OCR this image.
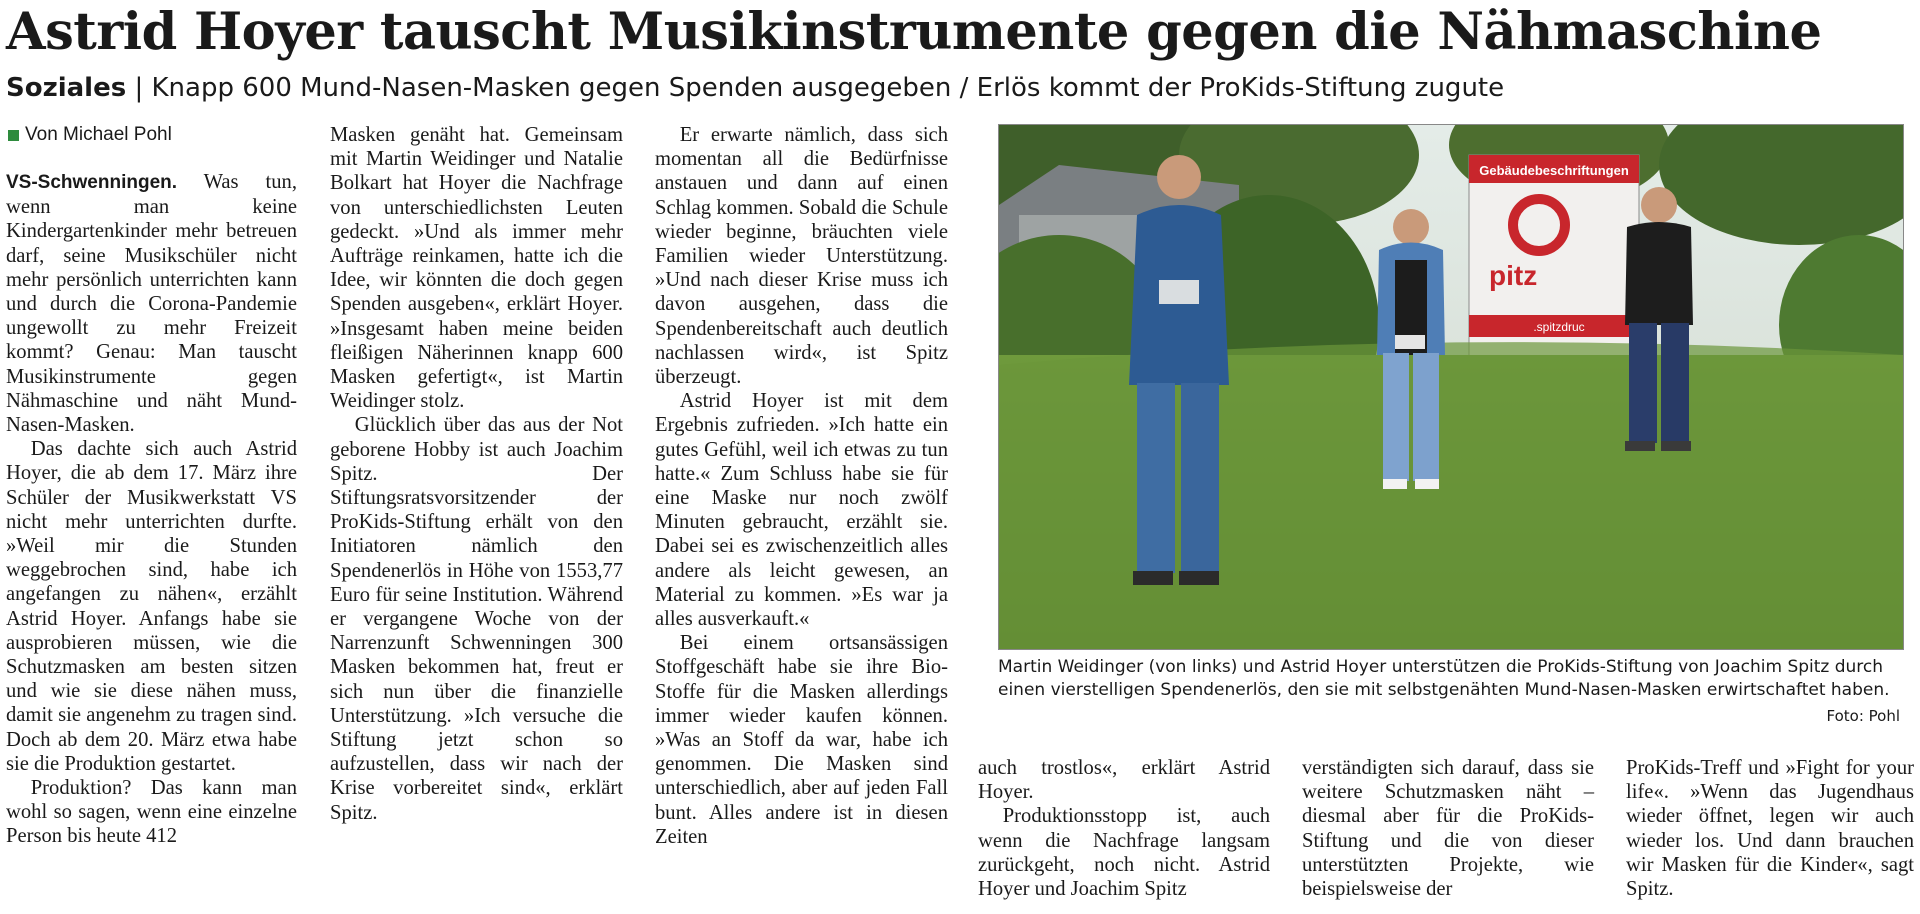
Astrid Hoyer tauscht Musikinstrumente gegen die Nähmaschine
Soziales | Knapp 600 Mund-Nasen-Masken gegen Spenden ausgegeben / Erlös kommt der ProKids-Stiftung zugute
Von Michael Pohl

VS-Schwenningen. Was tun, wenn man keine Kindergartenkinder mehr betreuen darf, seine Musikschüler nicht mehr persönlich unterrichten kann und durch die Corona-Pandemie ungewollt zu mehr Freizeit kommt? Genau: Man tauscht Musikinstrumente gegen Nähmaschine und näht Mund-Nasen-Masken.

Das dachte sich auch Astrid Hoyer, die ab dem 17. März ihre Schüler der Musikwerkstatt VS nicht mehr unterrichten durfte. »Weil mir die Stunden weggebrochen sind, habe ich angefangen zu nähen«, erzählt Astrid Hoyer. Anfangs habe sie ausprobieren müssen, wie die Schutzmasken am besten sitzen und wie sie diese nähen muss, damit sie angenehm zu tragen sind. Doch ab dem 20. März etwa habe sie die Produktion gestartet.

Produktion? Das kann man wohl so sagen, wenn eine einzelne Person bis heute 412

Masken genäht hat. Gemeinsam mit Martin Weidinger und Natalie Bolkart hat Hoyer die Nachfrage von unterschiedlichsten Leuten gedeckt. »Und als immer mehr Aufträge reinkamen, hatte ich die Idee, wir könnten die doch gegen Spenden ausgeben«, erklärt Hoyer. »Insgesamt haben meine beiden fleißigen Näherinnen knapp 600 Masken gefertigt«, ist Martin Weidinger stolz.

Glücklich über das aus der Not geborene Hobby ist auch Joachim Spitz. Der Stiftungsratsvorsitzender der ProKids-Stiftung erhält von den Initiatoren nämlich den Spendenerlös in Höhe von 1553,77 Euro für seine Institution. Während er vergangene Woche von der Narrenzunft Schwenningen 300 Masken bekommen hat, freut er sich nun über die finanzielle Unterstützung. »Ich versuche die Stiftung jetzt schon so aufzustellen, dass wir nach der Krise vorbereitet sind«, erklärt Spitz.

Er erwarte nämlich, dass sich momentan all die Bedürfnisse anstauen und dann auf einen Schlag kommen. Sobald die Schule wieder beginne, bräuchten viele Familien wieder Unterstützung. »Und nach dieser Krise muss ich davon ausgehen, dass die Spendenbereitschaft auch deutlich nachlassen wird«, ist Spitz überzeugt.

Astrid Hoyer ist mit dem Ergebnis zufrieden. »Ich hatte ein gutes Gefühl, weil ich etwas zu tun hatte.« Zum Schluss habe sie für eine Maske nur noch zwölf Minuten gebraucht, erzählt sie. Dabei sei es zwischenzeitlich alles andere als leicht gewesen, an Material zu kommen. »Es war ja alles ausverkauft.«

Bei einem ortsansässigen Stoffgeschäft habe sie ihre Bio-Stoffe für die Masken allerdings immer wieder kaufen können. »Was an Stoff da war, habe ich genommen. Die Masken sind unterschiedlich, aber auf jeden Fall bunt. Alles andere ist in diesen Zeiten

Gebäudebeschriftungen
pitz
.spitzdruc
Martin Weidinger (von links) und Astrid Hoyer unterstützen die ProKids-Stiftung von Joachim Spitz durch einen vierstelligen Spendenerlös, den sie mit selbstgenähten Mund-Nasen-Masken erwirtschaftet haben.
Foto: Pohl

auch trostlos«, erklärt Astrid Hoyer.

Produktionsstopp ist, auch wenn die Nachfrage langsam zurückgeht, noch nicht. Astrid Hoyer und Joachim Spitz

verständigten sich darauf, dass sie weitere Schutzmasken näht – diesmal aber für die ProKids-Stiftung und die von dieser unterstützten Projekte, wie beispielsweise der

ProKids-Treff und »Fight for your life«. »Wenn das Jugendhaus wieder öffnet, legen wir auch wieder los. Und dann brauchen wir Masken für die Kinder«, sagt Spitz.
